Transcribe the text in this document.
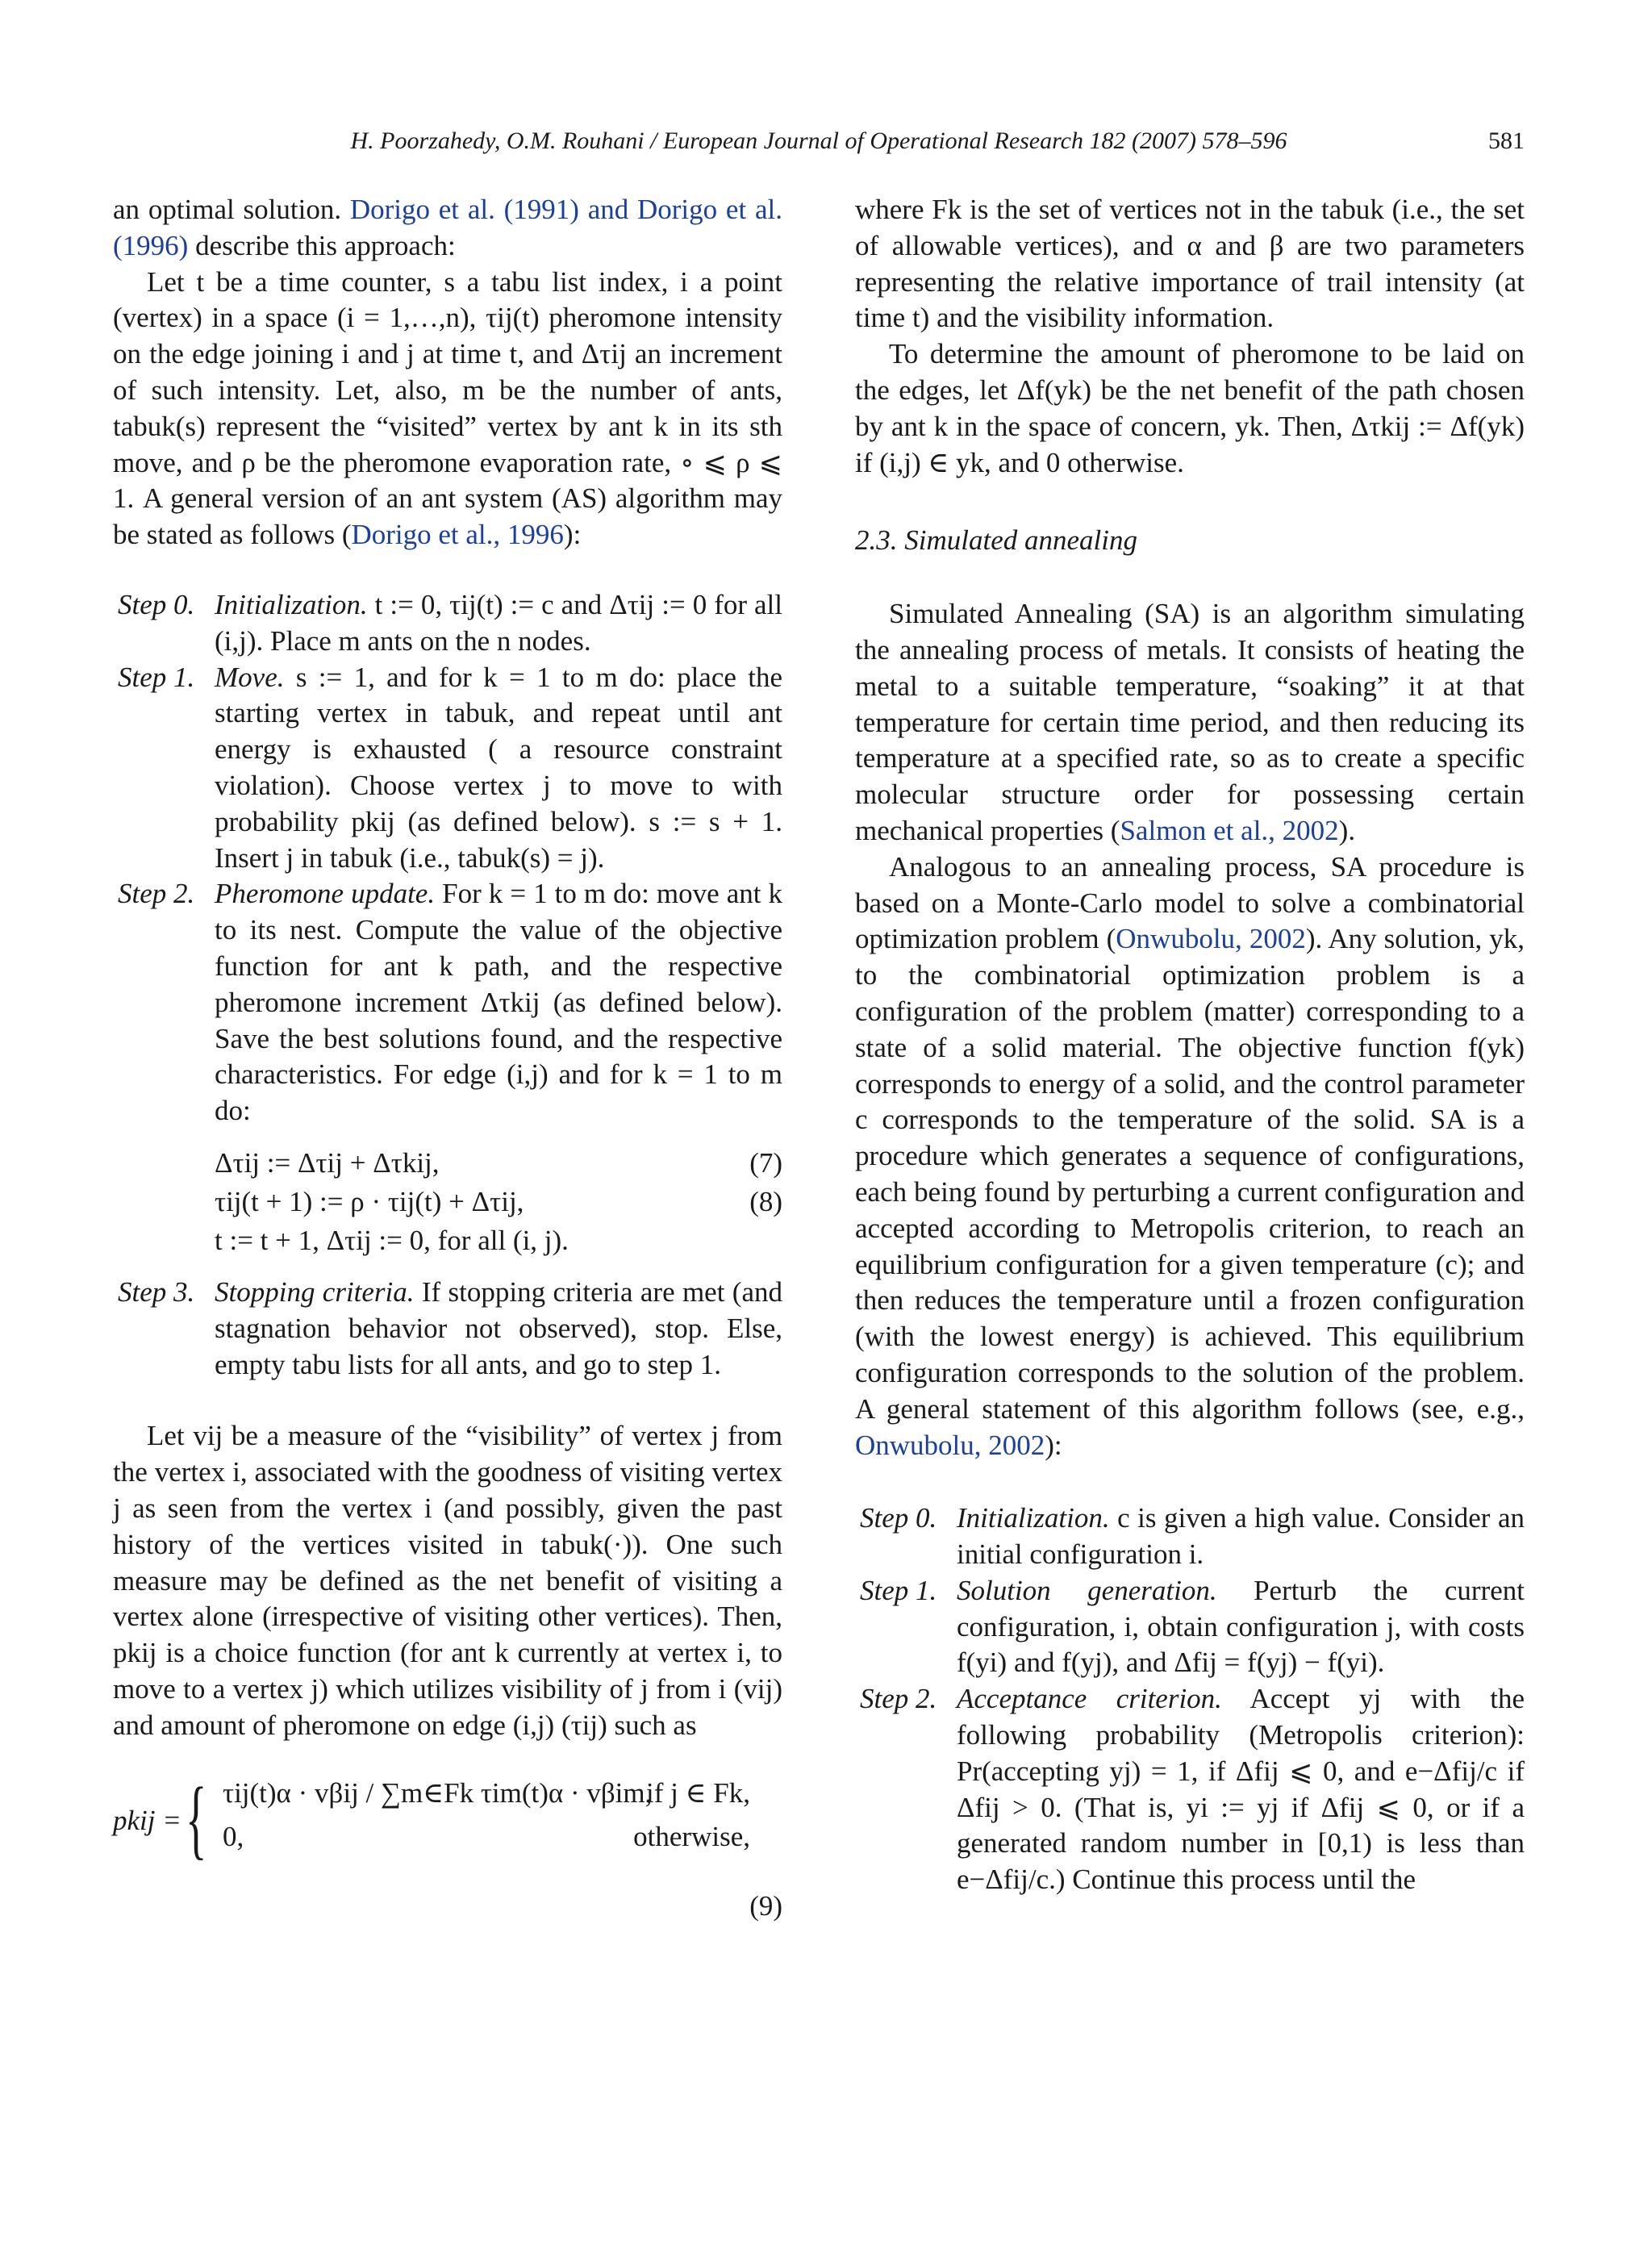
H. Poorzahedy, O.M. Rouhani / European Journal of Operational Research 182 (2007) 578–596	581

an optimal solution. Dorigo et al. (1991) and Dorigo et al. (1996) describe this approach:

Let t be a time counter, s a tabu list index, i a point (vertex) in a space (i = 1,…,n), τij(t) pheromone intensity on the edge joining i and j at time t, and Δτij an increment of such intensity. Let, also, m be the number of ants, tabuk(s) represent the “visited” vertex by ant k in its sth move, and ρ be the pheromone evaporation rate, ∘ ⩽ ρ ⩽ 1. A general version of an ant system (AS) algorithm may be stated as follows (Dorigo et al., 1996):

Step 0. Initialization. t := 0, τij(t) := c and Δτij := 0 for all (i,j). Place m ants on the n nodes.
Step 1. Move. s := 1, and for k = 1 to m do: place the starting vertex in tabuk, and repeat until ant energy is exhausted ( a resource constraint violation). Choose vertex j to move to with probability pkij (as defined below). s := s + 1. Insert j in tabuk (i.e., tabuk(s) = j).
Step 2. Pheromone update. For k = 1 to m do: move ant k to its nest. Compute the value of the objective function for ant k path, and the respective pheromone increment Δτkij (as defined below). Save the best solutions found, and the respective characteristics. For edge (i,j) and for k = 1 to m do:
Δτij := Δτij + Δτkij,	(7)
τij(t + 1) := ρ · τij(t) + Δτij,	(8)
t := t + 1, Δτij := 0, for all (i, j).
Step 3. Stopping criteria. If stopping criteria are met (and stagnation behavior not observed), stop. Else, empty tabu lists for all ants, and go to step 1.

Let vij be a measure of the “visibility” of vertex j from the vertex i, associated with the goodness of visiting vertex j as seen from the vertex i (and possibly, given the past history of the vertices visited in tabuk(·)). One such measure may be defined as the net benefit of visiting a vertex alone (irrespective of visiting other vertices). Then, pkij is a choice function (for ant k currently at vertex i, to move to a vertex j) which utilizes visibility of j from i (vij) and amount of pheromone on edge (i,j) (τij) such as

pkij = { τij(t)α · vβij / ∑m∈Fk τim(t)α · vβim,
if j ∈ Fk,
0,	otherwise,
(9)

where Fk is the set of vertices not in the tabuk (i.e., the set of allowable vertices), and α and β are two parameters representing the relative importance of trail intensity (at time t) and the visibility information.

To determine the amount of pheromone to be laid on the edges, let Δf(yk) be the net benefit of the path chosen by ant k in the space of concern, yk. Then, Δτkij := Δf(yk) if (i,j) ∈ yk, and 0 otherwise.

2.3. Simulated annealing

Simulated Annealing (SA) is an algorithm simulating the annealing process of metals. It consists of heating the metal to a suitable temperature, “soaking” it at that temperature for certain time period, and then reducing its temperature at a specified rate, so as to create a specific molecular structure order for possessing certain mechanical properties (Salmon et al., 2002).

Analogous to an annealing process, SA procedure is based on a Monte-Carlo model to solve a combinatorial optimization problem (Onwubolu, 2002). Any solution, yk, to the combinatorial optimization problem is a configuration of the problem (matter) corresponding to a state of a solid material. The objective function f(yk) corresponds to energy of a solid, and the control parameter c corresponds to the temperature of the solid. SA is a procedure which generates a sequence of configurations, each being found by perturbing a current configuration and accepted according to Metropolis criterion, to reach an equilibrium configuration for a given temperature (c); and then reduces the temperature until a frozen configuration (with the lowest energy) is achieved. This equilibrium configuration corresponds to the solution of the problem. A general statement of this algorithm follows (see, e.g., Onwubolu, 2002):

Step 0. Initialization. c is given a high value. Consider an initial configuration i.
Step 1. Solution generation. Perturb the current configuration, i, obtain configuration j, with costs f(yi) and f(yj), and Δfij = f(yj) − f(yi).
Step 2. Acceptance criterion. Accept yj with the following probability (Metropolis criterion): Pr(accepting yj) = 1, if Δfij ⩽ 0, and e−Δfij/c if Δfij > 0. (That is, yi := yj if Δfij ⩽ 0, or if a generated random number in [0,1) is less than e−Δfij/c.) Continue this process until the
